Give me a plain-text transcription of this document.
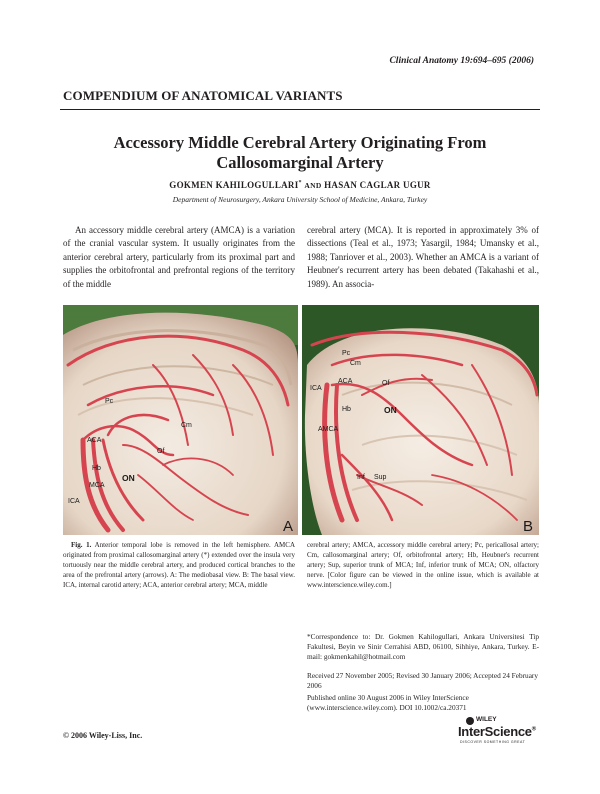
Clinical Anatomy 19:694–695 (2006)
COMPENDIUM OF ANATOMICAL VARIANTS
Accessory Middle Cerebral Artery Originating From
Callosomarginal Artery
GOKMEN KAHILOGULLARI* AND HASAN CAGLAR UGUR
Department of Neurosurgery, Ankara University School of Medicine, Ankara, Turkey
An accessory middle cerebral artery (AMCA) is a variation of the cranial vascular system. It usually originates from the anterior cerebral artery, particularly from its proximal part and supplies the orbitofrontal and prefrontal regions of the territory of the middle
cerebral artery (MCA). It is reported in approximately 3% of dissections (Teal et al., 1973; Yasargil, 1984; Umansky et al., 1988; Tanriover et al., 2003). Whether an AMCA is a variant of Heubner's recurrent artery has been debated (Takahashi et al., 1989). An associa-
Pc
Cm
ACA
Of
Hb
ON
MCA
ICA
A
Pc
Cm
ICA
ACA	Of
Hb	ON
AMCA
Inf Sup
B
Fig. 1. Anterior temporal lobe is removed in the left hemisphere. AMCA originated from proximal callosomarginal artery (*) extended over the insula very tortuously near the middle cerebral artery, and produced cortical branches to the area of the prefrontal artery (arrows). A: The mediobasal view. B: The basal view. ICA, internal carotid artery; ACA, anterior cerebral artery; MCA, middle
cerebral artery; AMCA, accessory middle cerebral artery; Pc, pericallosal artery; Cm, callosomarginal artery; Of, orbitofrontal artery; Hb, Heubner's recurrent artery; Sup, superior trunk of MCA; Inf, inferior trunk of MCA; ON, olfactory nerve. [Color figure can be viewed in the online issue, which is available at www.interscience.wiley.com.]
*Correspondence to: Dr. Gokmen Kahilogullari, Ankara Universitesi Tip Fakultesi, Beyin ve Sinir Cerrahisi ABD, 06100, Sihhiye, Ankara, Turkey. E-mail: gokmenkahil@hotmail.com
Received 27 November 2005; Revised 30 January 2006; Accepted 24 February 2006
Published online 30 August 2006 in Wiley InterScience (www.interscience.wiley.com). DOI 10.1002/ca.20371
© 2006 Wiley-Liss, Inc.
WILEY
InterScience®
DISCOVER SOMETHING GREAT
